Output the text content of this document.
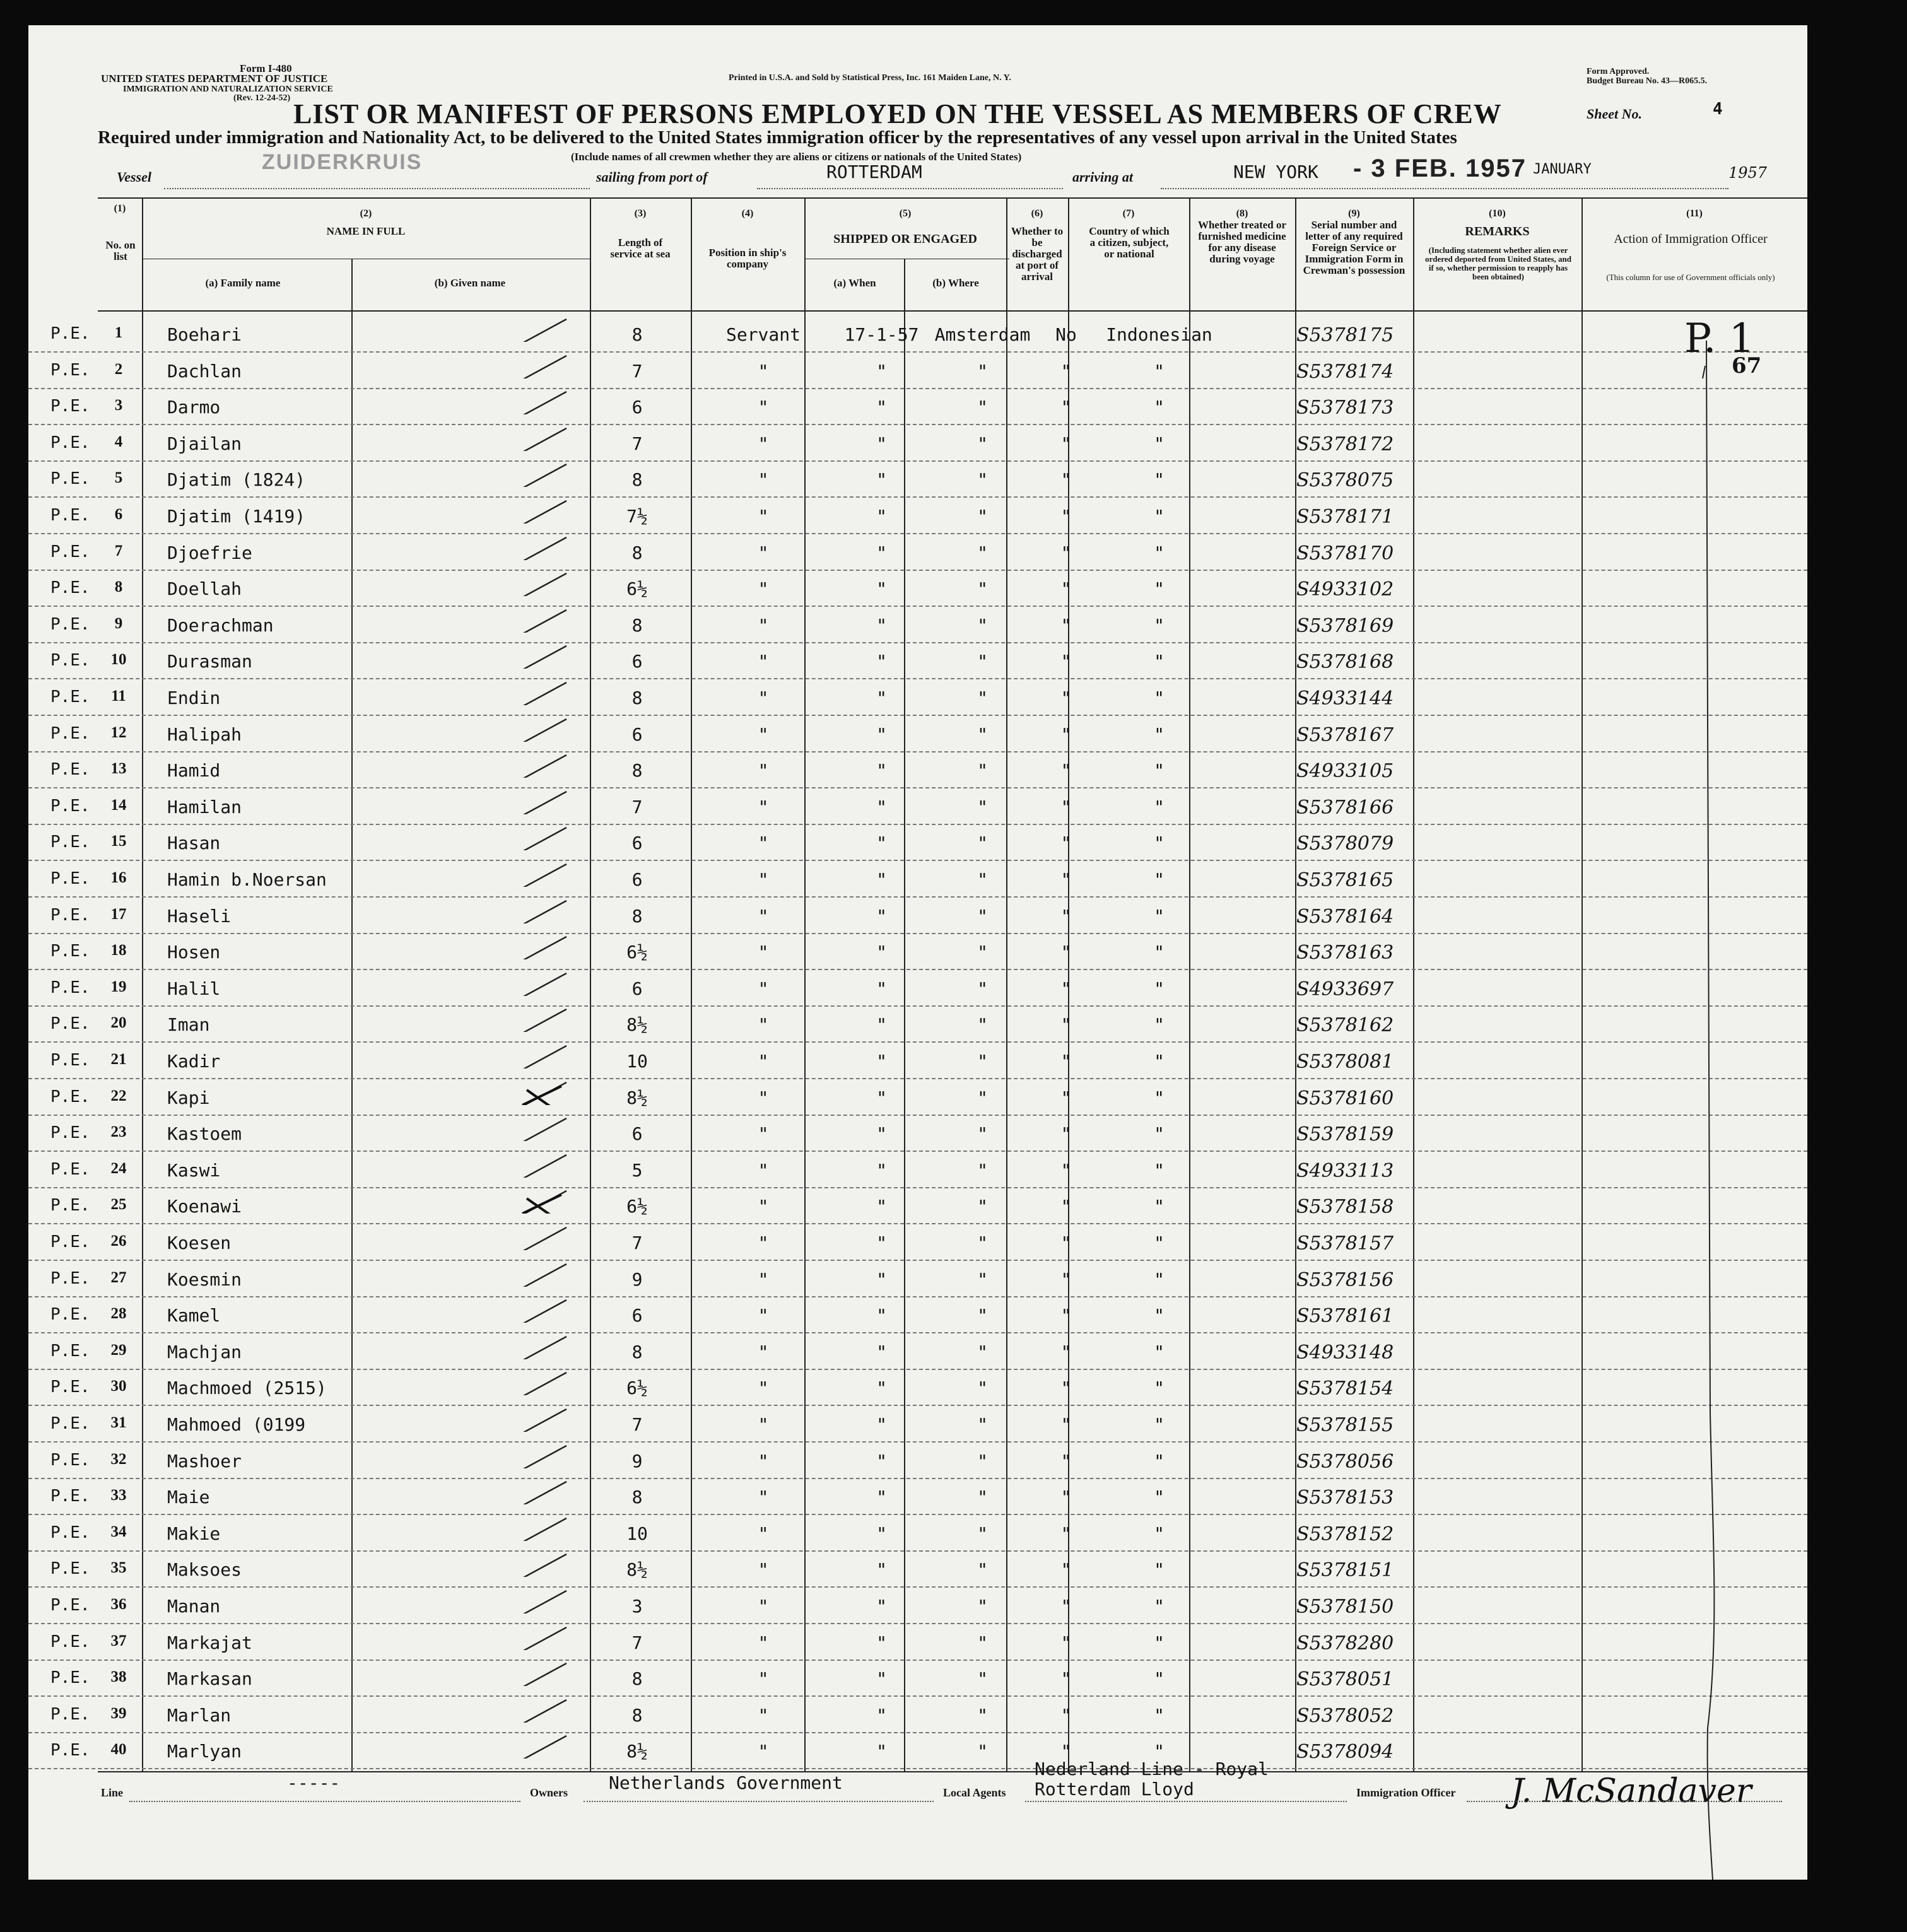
Form I-480
UNITED STATES DEPARTMENT OF JUSTICE
IMMIGRATION AND NATURALIZATION SERVICE
(Rev. 12-24-52)
Printed in U.S.A. and Sold by Statistical Press, Inc. 161 Maiden Lane, N. Y.
Form Approved.
Budget Bureau No. 43—R065.5.
LIST OR MANIFEST OF PERSONS EMPLOYED ON THE VESSEL AS MEMBERS OF CREW	Sheet No.	4
Required under immigration and Nationality Act, to be delivered to the United States immigration officer by the representatives of any vessel upon arrival in the United States
(Include names of all crewmen whether they are aliens or citizens or nationals of the United States)
Vessel
ZUIDERKRUIS
sailing from port of	ROTTERDAM	arriving at	NEW YORK - 3 FEB. 1957 JANUARY	1957
67
(1)
No. on list
(2)
NAME IN FULL
(a) Family name	(b) Given name
(3)
Length of service at sea
(4)
Position in ship's company
(5)
SHIPPED OR ENGAGED
(a) When	(b) Where
(6)
Whether to be discharged at port of arrival
(7)
Country of which a citizen, subject, or national
(8)
Whether treated or furnished medicine for any disease during voyage
(9)
Serial number and letter of any required Foreign Service or Immigration Form in Crewman's possession
(10)
REMARKS
(Including statement whether alien ever ordered deported from United States, and if so, whether permission to reapply has been obtained)
(11)
Action of Immigration Officer
(This column for use of Government officials only)
P.E.	1	Boehari	8	Servant	17-1-57 Amsterdam	No	Indonesian	S5378175
P.E.	2	Dachlan	7	"	"	"	"	"	S5378174
P.E.	3	Darmo	6	"	"	"	"	"	S5378173
P.E.	4	Djailan	7	"	"	"	"	"	S5378172
P.E.	5	Djatim (1824)	8	"	"	"	"	"	S5378075
P.E.	6	Djatim (1419)	7½	"	"	"	"	"	S5378171
P.E.	7	Djoefrie	8	"	"	"	"	"	S5378170
P.E.	8	Doellah	6½	"	"	"	"	"	S4933102
P.E.	9	Doerachman	8	"	"	"	"	"	S5378169
P.E.	10	Durasman	6	"	"	"	"	"	S5378168
P.E.	11	Endin	8	"	"	"	"	"	S4933144
P.E.	12	Halipah	6	"	"	"	"	"	S5378167
P.E.	13	Hamid	8	"	"	"	"	"	S4933105
P.E.	14	Hamilan	7	"	"	"	"	"	S5378166
P.E.	15	Hasan	6	"	"	"	"	"	S5378079
P.E.	16	Hamin b.Noersan	6	"	"	"	"	"	S5378165
P.E.	17	Haseli	8	"	"	"	"	"	S5378164
P.E.	18	Hosen	6½	"	"	"	"	"	S5378163
P.E.	19	Halil	6	"	"	"	"	"	S4933697
P.E.	20	Iman	8½	"	"	"	"	"	S5378162
P.E.	21	Kadir	10	"	"	"	"	"	S5378081
P.E.	22	Kapi	8½	"	"	"	"	"	S5378160
P.E.	23	Kastoem	6	"	"	"	"	"	S5378159
P.E.	24	Kaswi	5	"	"	"	"	"	S4933113
P.E.	25	Koenawi	6½	"	"	"	"	"	S5378158
P.E.	26	Koesen	7	"	"	"	"	"	S5378157
P.E.	27	Koesmin	9	"	"	"	"	"	S5378156
P.E.	28	Kamel	6	"	"	"	"	"	S5378161
P.E.	29	Machjan	8	"	"	"	"	"	S4933148
P.E.	30	Machmoed (2515)	6½	"	"	"	"	"	S5378154
P.E.	31	Mahmoed (0199	7	"	"	"	"	"	S5378155
P.E.	32	Mashoer	9	"	"	"	"	"	S5378056
P.E.	33	Maie	8	"	"	"	"	"	S5378153
P.E.	34	Makie	10	"	"	"	"	"	S5378152
P.E.	35	Maksoes	8½	"	"	"	"	"	S5378151
P.E.	36	Manan	3	"	"	"	"	"	S5378150
P.E.	37	Markajat	7	"	"	"	"	"	S5378280
P.E.	38	Markasan	8	"	"	"	"	"	S5378051
P.E.	39	Marlan	8	"	"	"	"	"	S5378052
P.E.	40	Marlyan	8½	"	"	"	"	"	S5378094
P. 1
Line	-----	Owners Netherlands Government	Local Agents
Nederland Line - Royal
Rotterdam Lloyd	Immigration Officer J. McSandaver
